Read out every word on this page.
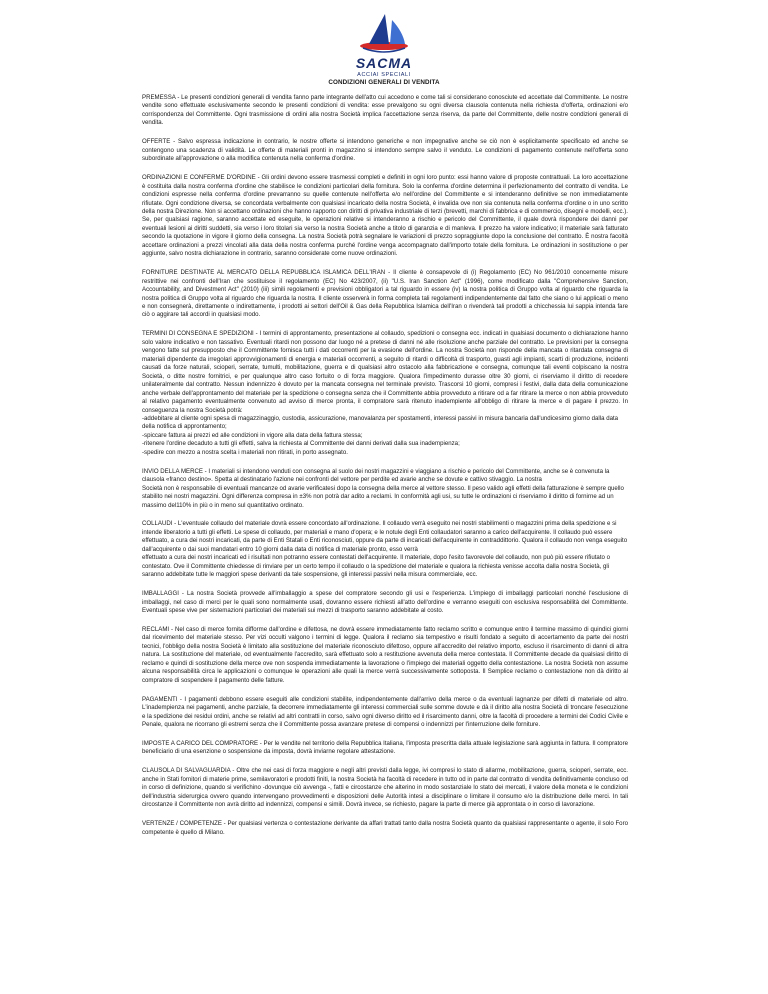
SACMA
ACCIAI SPECIALI
CONDIZIONI GENERALI DI VENDITA

PREMESSA - Le presenti condizioni generali di vendita fanno parte integrante dell'atto cui accedono e come tali si considerano conosciute ed accettate dal Committente. Le nostre vendite sono effettuate esclusivamente secondo le presenti condizioni di vendita: esse prevalgono su ogni diversa clausola contenuta nella richiesta d'offerta, ordinazioni e/o corrispondenza del Committente. Ogni trasmissione di ordini alla nostra Società implica l'accettazione senza riserva, da parte del Committente, delle nostre condizioni generali di vendita.

OFFERTE - Salvo espressa indicazione in contrario, le nostre offerte si intendono generiche e non impegnative anche se ciò non è esplicitamente specificato ed anche se contengono una scadenza di validità. Le offerte di materiali pronti in magazzino si intendono sempre salvo il venduto. Le condizioni di pagamento contenute nell'offerta sono subordinate all'approvazione o alla modifica contenuta nella conferma d'ordine.

ORDINAZIONI E CONFERME D'ORDINE - Gli ordini devono essere trasmessi completi e definiti in ogni loro punto: essi hanno valore di proposte contrattuali. La loro accettazione è costituita dalla nostra conferma d'ordine che stabilisce le condizioni particolari della fornitura. Solo la conferma d'ordine determina il perfezionamento del contratto di vendita. Le condizioni espresse nella conferma d'ordine prevarranno su quelle contenute nell'offerta e/o nell'ordine del Committente e si intenderanno definitive se non immediatamente rifiutate. Ogni condizione diversa, se concordata verbalmente con qualsiasi incaricato della nostra Società, è invalida ove non sia contenuta nella conferma d'ordine o in uno scritto della nostra Direzione. Non si accettano ordinazioni che hanno rapporto con diritti di privativa industriale di terzi (brevetti, marchi di fabbrica e di commercio, disegni e modelli, ecc.). Se, per qualsiasi ragione, saranno accettate ed eseguite, le operazioni relative si intenderanno a rischio e pericolo del Committente, il quale dovrà rispondere dei danni per eventuali lesioni ai diritti suddetti, sia verso i loro titolari sia verso la nostra Società anche a titolo di garanzia e di manleva. Il prezzo ha valore indicativo; il materiale sarà fatturato secondo la quotazione in vigore il giorno della consegna. La nostra Società potrà segnalare le variazioni di prezzo sopraggiunte dopo la conclusione del contratto. È nostra facoltà accettare ordinazioni a prezzi vincolati alla data della nostra conferma purché l'ordine venga accompagnato dall'importo totale della fornitura. Le ordinazioni in sostituzione o per aggiunte, salvo nostra dichiarazione in contrario, saranno considerate come nuove ordinazioni.

FORNITURE DESTINATE AL MERCATO DELLA REPUBBLICA ISLAMICA DELL'IRAN - Il cliente è consapevole di (i) Regolamento (EC) No 961/2010 concernente misure restrittive nei confronti dell'Iran che sostituisce il regolamento (EC) No 423/2007, (ii) "U.S. Iran Sanction Act" (1996), come modificato dalla "Comprehensive Sanction, Accountability, and Divestment Act" (2010) (iii) simili regolamenti e previsioni obbligatori a tal riguardo in essere (iv) la nostra politica di Gruppo volta al riguardo che riguarda la nostra politica di Gruppo volta al riguardo che riguarda la nostra. Il cliente osserverà in forma completa tali regolamenti indipendentemente dal fatto che siano o lui applicati o meno e non consegnerà, direttamente o indirettamente, i prodotti ai settori dell'Oil & Gas della Repubblica Islamica dell'Iran o rivenderà tali prodotti a chicchessia lui sappia intenda fare ciò o aggirare tali accordi in qualsiasi modo.

TERMINI DI CONSEGNA E SPEDIZIONI - I termini di approntamento, presentazione al collaudo, spedizioni o consegna ecc. indicati in qualsiasi documento o dichiarazione hanno solo valore indicativo e non tassativo. Eventuali ritardi non possono dar luogo né a pretese di danni né alle risoluzione anche parziale del contratto. Le previsioni per la consegna vengono fatte sul presupposto che il Committente fornisca tutti i dati occorrenti per la evasione dell'ordine. La nostra Società non risponde della mancata o ritardata consegna di materiali dipendente da irregolari approvvigionamenti di energia e materiali occorrenti, a seguito di ritardi o difficoltà di trasporto, guasti agli impianti, scarti di produzione, incidenti causati da forze naturali, scioperi, serrate, tumulti, mobilitazione, guerra e di qualsiasi altro ostacolo alla fabbricazione e consegna, comunque tali eventi colpiscano la nostra Società, o ditte nostre fornitrici, e per qualunque altro caso fortuito o di forza maggiore. Qualora l'impedimento durasse oltre 30 giorni, ci riserviamo il diritto di recedere unilateralmente dal contratto. Nessun indennizzo è dovuto per la mancata consegna nel terminale previsto. Trascorsi 10 giorni, compresi i festivi, dalla data della comunicazione anche verbale dell'approntamento del materiale per la spedizione o consegna senza che il Committente abbia provveduto a ritirare od a far ritirare la merce o non abbia provveduto al relativo pagamento eventualmente convenuto ad avviso di merce pronta, il compratore sarà ritenuto inadempiente all'obbligo di ritirare la merce e di pagare il prezzo. In conseguenza la nostra Società potrà:

-addebitare al cliente ogni spesa di magazzinaggio, custodia, assicurazione, manovalanza per spostamenti, interessi passivi in misura bancaria dall'undicesimo giorno dalla data della notifica di approntamento;

-spiccare fattura ai prezzi ed alle condizioni in vigore alla data della fattura stessa;

-ritenere l'ordine decaduto a tutti gli effetti, salva la richiesta al Committente dei danni derivati dalla sua inadempienza;

-spedire con mezzo a nostra scelta i materiali non ritirati, in porto assegnato.

INVIO DELLA MERCE - I materiali si intendono venduti con consegna al suolo dei nostri magazzini e viaggiano a rischio e pericolo del Committente, anche se è convenuta la clausola «franco destino». Spetta al destinatario l'azione nei confronti del vettore per perdite ed avarie anche se dovute e cattivo stivaggio. La nostra

Società non è responsabile di eventuali mancanze od avarie verificatesi dopo la consegna della merce al vettore stesso. Il peso valido agli effetti della fatturazione è sempre quello stabilito nei nostri magazzini. Ogni differenza compresa in ±3% non potrà dar adito a reclami. In conformità agli usi, su tutte le ordinazioni ci riserviamo il diritto di fornirne ad un massimo del110% in più o in meno sul quantitativo ordinato.

COLLAUDI - L'eventuale collaudo del materiale dovrà essere concordato all'ordinazione. Il collaudo verrà eseguito nei nostri stabilimenti o magazzini prima della spedizione e si intende liberatorio a tutti gli effetti. Le spese di collaudo, per materiali e mano d'opera; e le notule degli Enti collaudatori saranno a carico dell'acquirente. Il collaudo può essere effettuato, a cura dei nostri incaricati, da parte di Enti Statali o Enti riconosciuti, oppure da parte di incaricati dell'acquirente in contraddittorio. Qualora il collaudo non venga eseguito dall'acquirente o dai suoi mandatari entro 10 giorni dalla data di notifica di materiale pronto, esso verrà

effettuato a cura dei nostri incaricati ed i risultati non potranno essere contestati dell'acquirente. Il materiale, dopo l'esito favorevole del collaudo, non può più essere rifiutato o contestato. Ove il Committente chiedesse di rinviare per un certo tempo il collaudo o la spedizione del materiale e qualora la richiesta venisse accolta dalla nostra Società, gli saranno addebitate tutte le maggiori spese derivanti da tale sospensione, gli interessi passivi nella misura commerciale, ecc.

IMBALLAGGI - La nostra Società provvede all'imballaggio a spese del compratore secondo gli usi e l'esperienza. L'impiego di imballaggi particolari nonché l'esclusione di imballaggi, nel caso di merci per le quali sono normalmente usati, dovranno essere richiesti all'atto dell'ordine e verranno eseguiti con esclusiva responsabilità del Committente. Eventuali spese vive per sistemazioni particolari dei materiali sui mezzi di trasporto saranno addebitate al costo.

RECLAMI - Nel caso di merce fornita difforme dall'ordine e difettosa, ne dovrà essere immediatamente fatto reclamo scritto e comunque entro il termine massimo di quindici giorni dal ricevimento del materiale stesso. Per vizi occulti valgono i termini di legge. Qualora il reclamo sia tempestivo e risulti fondato a seguito di accertamento da parte dei nostri tecnici, l'obbligo della nostra Società è limitato alla sostituzione del materiale riconosciuto difettoso, oppure all'accredito del relativo importo, escluso il risarcimento di danni di altra natura. La sostituzione del materiale, od eventualmente l'accredito, sarà effettuato solo a restituzione avvenuta della merce contestata. Il Committente decade da qualsiasi diritto di reclamo e quindi di sostituzione della merce ove non sospenda immediatamente la lavorazione o l'impiego dei materiali oggetto della contestazione. La nostra Società non assume alcuna responsabilità circa le applicazioni o comunque le operazioni alle quali la merce verrà successivamente sottoposta. Il Semplice reclamo o contestazione non dà diritto al compratore di sospendere il pagamento delle fatture.

PAGAMENTI - I pagamenti debbono essere eseguiti alle condizioni stabilite, indipendentemente dall'arrivo della merce o da eventuali lagnanze per difetti di materiale od altro. L'inadempienza nei pagamenti, anche parziale, fa decorrere immediatamente gli interessi commerciali sulle somme dovute e dà il diritto alla nostra Società di troncare l'esecuzione e la spedizione dei residui ordini, anche se relativi ad altri contratti in corso, salvo ogni diverso diritto ed il risarcimento danni, oltre la facoltà di procedere a termini dei Codici Civile e Penale, qualora ne ricorrano gli estremi senza che il Committente possa avanzare pretese di compensi o indennizzi per l'interruzione delle forniture.

IMPOSTE A CARICO DEL COMPRATORE - Per le vendite nel territorio della Repubblica Italiana, l'imposta prescritta dalla attuale legislazione sarà aggiunta in fattura. Il compratore beneficiario di una esenzione o sospensione da imposta, dovrà inviarne regolare attestazione.

CLAUSOLA DI SALVAGUARDIA - Oltre che nei casi di forza maggiore e negli altri previsti dalla legge, ivi compresi lo stato di allarme, mobilitazione, guerra, scioperi, serrate, ecc. anche in Stati fornitori di materie prime, semilavoratori e prodotti finiti, la nostra Società ha facoltà di recedere in tutto od in parte dal contratto di vendita definitivamente concluso od in corso di definizione, quando si verifichino -dovunque ciò avvenga -, fatti e circostanze che alterino in modo sostanziale lo stato dei mercati, il valore della moneta e le condizioni dell'industria siderurgica ovvero quando intervengano provvedimenti e disposizioni delle Autorità intesi a disciplinare o limitare il consumo e/o la distribuzione delle merci. In tali circostanze il Committente non avrà diritto ad indennizzi, compensi e simili. Dovrà invece, se richiesto, pagare la parte di merce già approntata o in corso di lavorazione.

VERTENZE / COMPETENZE - Per qualsiasi vertenza o contestazione derivante da affari trattati tanto dalla nostra Società quanto da qualsiasi rappresentante o agente, il solo Foro competente è quello di Milano.
